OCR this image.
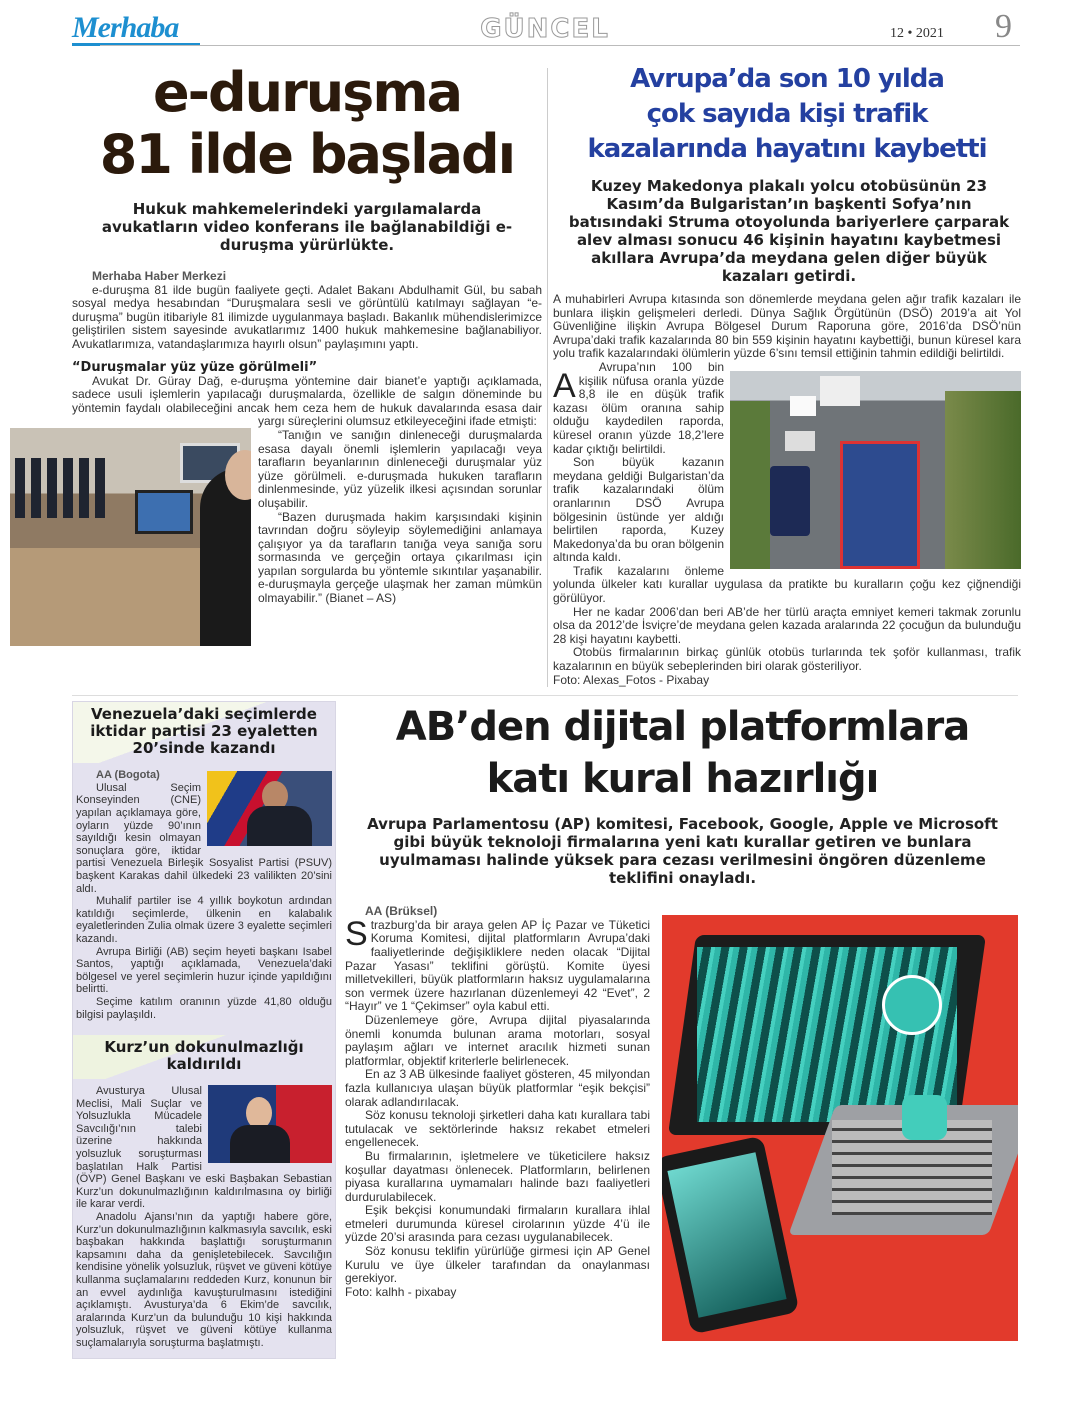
Merhaba	GÜNCEL	12 • 2021 9
e-duruşma
81 ilde başladı
Hukuk mahkemelerindeki yargılamalarda avukatların video konferans ile bağlanabildiği e-duruşma yürürlükte.

Merhaba Haber Merkezi

e-duruşma 81 ilde bugün faaliyete geçti. Adalet Bakanı Abdulhamit Gül, bu sabah sosyal medya hesabından “Duruşmalara sesli ve görüntülü katılmayı sağlayan “e-duruşma” bugün itibariyle 81 ilimizde uygulanmaya başladı. Bakanlık mühendislerimizce geliştirilen sistem sayesinde avukatlarımız 1400 hukuk mahkemesine bağlanabiliyor. Avukatlarımıza, vatandaşlarımıza hayırlı olsun” paylaşımını yaptı.

“Duruşmalar yüz yüze görülmeli”

Avukat Dr. Güray Dağ, e-duruşma yöntemine dair bianet’e yaptığı açıklamada, sadece usuli işlemlerin yapılacağı duruşmalarda, özellikle de salgın döneminde bu yöntemin faydalı olabileceğini ancak hem ceza hem de hukuk davalarında esasa dair yargı süreçlerini olumsuz etkileyeceğini ifade etmişti:

“Tanığın ve sanığın dinleneceği duruşmalarda esasa dayalı önemli işlemlerin yapılacağı veya tarafların beyanlarının dinleneceği duruşmalar yüz yüze görülmeli. e-duruşmada hukuken tarafların dinlenmesinde, yüz yüzelik ilkesi açısından sorunlar oluşabilir.

“Bazen duruşmada hakim karşısındaki kişinin tavrından doğru söyleyip söylemediğini anlamaya çalışıyor ya da tarafların tanığa veya sanığa soru sormasında ve gerçeğin ortaya çıkarılması için yapılan sorgularda bu yöntemle sıkıntılar yaşanabilir. e-duruşmayla gerçeğe ulaşmak her zaman mümkün olmayabilir.” (Bianet – AS)

Avrupa’da son 10 yılda
çok sayıda kişi trafik
kazalarında hayatını kaybetti
Kuzey Makedonya plakalı yolcu otobüsünün 23 Kasım’da Bulgaristan’ın başkenti Sofya’nın batısındaki Struma otoyolunda bariyerlere çarparak alev alması sonucu 46 kişinin hayatını kaybetmesi akıllara Avrupa’da meydana gelen diğer büyük kazaları getirdi.

A
A muhabirleri Avrupa kıtasında son dönemlerde meydana gelen ağır trafik kazaları ile bunlara ilişkin gelişmeleri derledi. Dünya Sağlık Örgütünün (DSÖ) 2019’a ait Yol Güvenliğine ilişkin Avrupa Bölgesel Durum Raporuna göre, 2016’da DSÖ’nün Avrupa’daki trafik kazalarında 80 bin 559 kişinin hayatını kaybettiği, bunun küresel kara yolu trafik kazalarındaki ölümlerin yüzde 6’sını temsil ettiğinin tahmin edildiği belirtildi.

Avrupa’nın 100 bin kişilik nüfusa oranla yüzde 8,8 ile en düşük trafik kazası ölüm oranına sahip olduğu kaydedilen raporda, küresel oranın yüzde 18,2’lere kadar çıktığı belirtildi.

Son büyük kazanın meydana geldiği Bulgaristan’da trafik kazalarındaki ölüm oranlarının DSÖ Avrupa bölgesinin üstünde yer aldığı belirtilen raporda, Kuzey Makedonya’da bu oran bölgenin altında kaldı.

Trafik kazalarını önleme yolunda ülkeler katı kurallar uygulasa da pratikte bu kuralların çoğu kez çiğnendiği görülüyor.

Her ne kadar 2006’dan beri AB’de her türlü araçta emniyet kemeri takmak zorunlu olsa da 2012’de İsviçre’de meydana gelen kazada aralarında 22 çocuğun da bulunduğu 28 kişi hayatını kaybetti.

Otobüs firmalarının birkaç günlük otobüs turlarında tek şoför kullanması, trafik kazalarının en büyük sebeplerinden biri olarak gösteriliyor.

Foto: Alexas_Fotos - Pixabay

Venezuela’daki seçimlerde iktidar partisi 23 eyaletten 20’sinde kazandı

AA (Bogota)

Ulusal Seçim Konseyinden (CNE) yapılan açıklamaya göre, oyların yüzde 90’ının sayıldığı kesin olmayan sonuçlara göre, iktidar partisi Venezuela Birleşik Sosyalist Partisi (PSUV) başkent Karakas dahil ülkedeki 23 valilikten 20’sini aldı.

Muhalif partiler ise 4 yıllık boykotun ardından katıldığı seçimlerde, ülkenin en kalabalık eyaletlerinden Zulia olmak üzere 3 eyalette seçimleri kazandı.

Avrupa Birliği (AB) seçim heyeti başkanı Isabel Santos, yaptığı açıklamada, Venezuela’daki bölgesel ve yerel seçimlerin huzur içinde yapıldığını belirtti.

Seçime katılım oranının yüzde 41,80 olduğu bilgisi paylaşıldı.

Kurz’un dokunulmazlığı kaldırıldı

Avusturya Ulusal Meclisi, Mali Suçlar ve Yolsuzlukla Mücadele Savcılığı’nın talebi üzerine hakkında yolsuzluk soruşturması başlatılan Halk Partisi (ÖVP) Genel Başkanı ve eski Başbakan Sebastian Kurz’un dokunulmazlığının kaldırılmasına oy birliği ile karar verdi.

Anadolu Ajansı’nın da yaptığı habere göre, Kurz’un dokunulmazlığının kalkmasıyla savcılık, eski başbakan hakkında başlattığı soruşturmanın kapsamını daha da genişletebilecek. Savcılığın kendisine yönelik yolsuzluk, rüşvet ve güveni kötüye kullanma suçlamalarını reddeden Kurz, konunun bir an evvel aydınlığa kavuşturulmasını istediğini açıklamıştı. Avusturya’da 6 Ekim’de savcılık, aralarında Kurz’un da bulunduğu 10 kişi hakkında yolsuzluk, rüşvet ve güveni kötüye kullanma suçlamalarıyla soruşturma başlatmıştı.

AB’den dijital platformlara
katı kural hazırlığı
Avrupa Parlamentosu (AP) komitesi, Facebook, Google, Apple ve Microsoft gibi büyük teknoloji firmalarına yeni katı kurallar getiren ve bunlara uyulmaması halinde yüksek para cezası verilmesini öngören düzenleme teklifini onayladı.

AA (Brüksel)

Strazburg’da bir araya gelen AP İç Pazar ve Tüketici Koruma Komitesi, dijital platformların Avrupa’daki faaliyetlerinde değişikliklere neden olacak “Dijital Pazar Yasası” teklifini görüştü. Komite üyesi milletvekilleri, büyük platformların haksız uygulamalarına son vermek üzere hazırlanan düzenlemeyi 42 “Evet”, 2 “Hayır” ve 1 “Çekimser” oyla kabul etti.

Düzenlemeye göre, Avrupa dijital piyasalarında önemli konumda bulunan arama motorları, sosyal paylaşım ağları ve internet aracılık hizmeti sunan platformlar, objektif kriterlerle belirlenecek.

En az 3 AB ülkesinde faaliyet gösteren, 45 milyondan fazla kullanıcıya ulaşan büyük platformlar “eşik bekçisi” olarak adlandırılacak.

Söz konusu teknoloji şirketleri daha katı kurallara tabi tutulacak ve sektörlerinde haksız rekabet etmeleri engellenecek.

Bu firmalarının, işletmelere ve tüketicilere haksız koşullar dayatması önlenecek. Platformların, belirlenen piyasa kurallarına uymamaları halinde bazı faaliyetleri durdurulabilecek.

Eşik bekçisi konumundaki firmaların kurallara ihlal etmeleri durumunda küresel cirolarının yüzde 4’ü ile yüzde 20’si arasında para cezası uygulanabilecek.

Söz konusu teklifin yürürlüğe girmesi için AP Genel Kurulu ve üye ülkeler tarafından da onaylanması gerekiyor.

Foto: kalhh - pixabay
